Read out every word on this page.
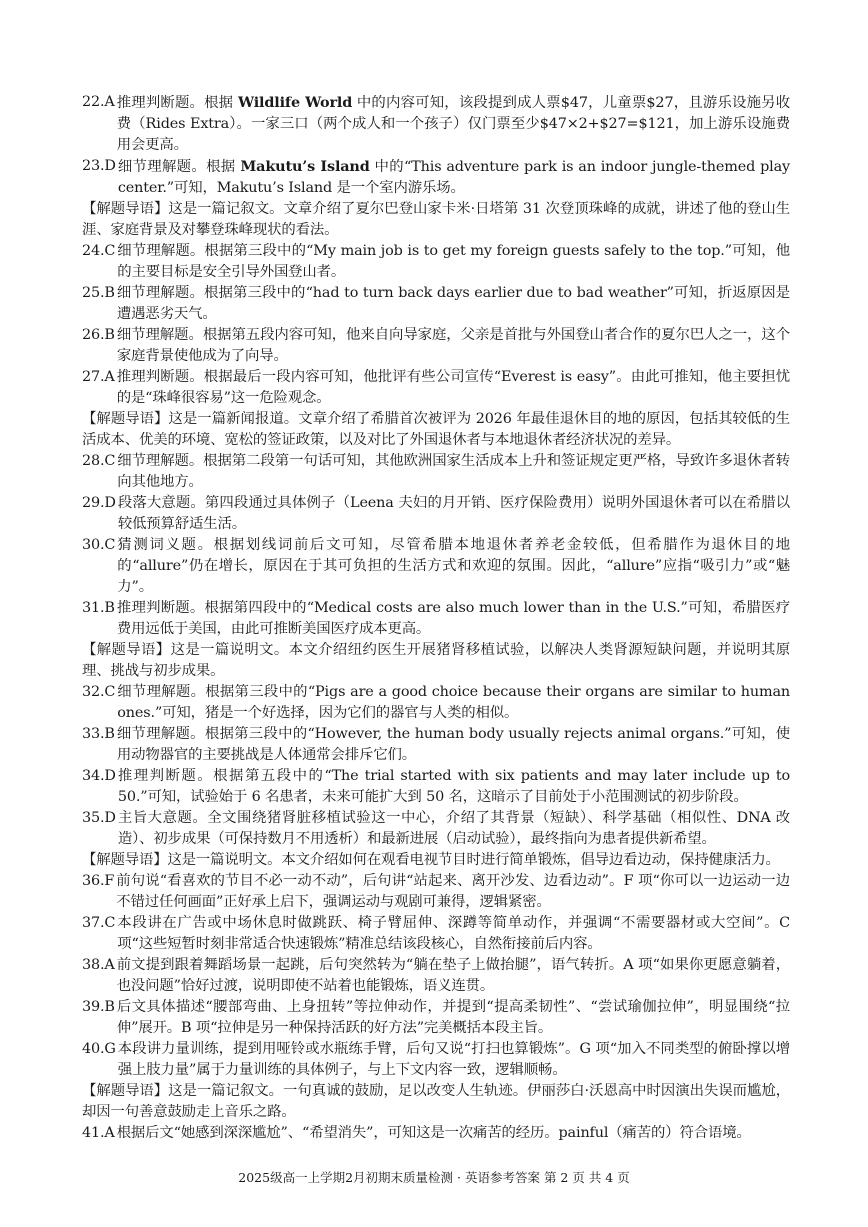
22.A 推理判断题。根据 Wildlife World 中的内容可知，该段提到成人票$47，儿童票$27，且游乐设施另收费（Rides Extra）。一家三口（两个成人和一个孩子）仅门票至少$47×2+$27=$121，加上游乐设施费用会更高。
23.D 细节理解题。根据 Makutu’s Island 中的“This adventure park is an indoor jungle-themed play center.”可知，Makutu’s Island 是一个室内游乐场。
【解题导语】这是一篇记叙文。文章介绍了夏尔巴登山家卡米·日塔第 31 次登顶珠峰的成就，讲述了他的登山生涯、家庭背景及对攀登珠峰现状的看法。
24.C 细节理解题。根据第三段中的“My main job is to get my foreign guests safely to the top.”可知，他的主要目标是安全引导外国登山者。
25.B 细节理解题。根据第三段中的“had to turn back days earlier due to bad weather”可知，折返原因是遭遇恶劣天气。
26.B 细节理解题。根据第五段内容可知，他来自向导家庭，父亲是首批与外国登山者合作的夏尔巴人之一，这个家庭背景使他成为了向导。
27.A 推理判断题。根据最后一段内容可知，他批评有些公司宣传“Everest is easy”。由此可推知，他主要担忧的是“珠峰很容易”这一危险观念。
【解题导语】这是一篇新闻报道。文章介绍了希腊首次被评为 2026 年最佳退休目的地的原因，包括其较低的生活成本、优美的环境、宽松的签证政策，以及对比了外国退休者与本地退休者经济状况的差异。
28.C 细节理解题。根据第二段第一句话可知，其他欧洲国家生活成本上升和签证规定更严格，导致许多退休者转向其他地方。
29.D 段落大意题。第四段通过具体例子（Leena 夫妇的月开销、医疗保险费用）说明外国退休者可以在希腊以较低预算舒适生活。
30.C 猜测词义题。根据划线词前后文可知，尽管希腊本地退休者养老金较低，但希腊作为退休目的地的“allure”仍在增长，原因在于其可负担的生活方式和欢迎的氛围。因此，“allure”应指“吸引力”或“魅力”。
31.B 推理判断题。根据第四段中的“Medical costs are also much lower than in the U.S.”可知，希腊医疗费用远低于美国，由此可推断美国医疗成本更高。
【解题导语】这是一篇说明文。本文介绍纽约医生开展猪肾移植试验，以解决人类肾源短缺问题，并说明其原理、挑战与初步成果。
32.C 细节理解题。根据第三段中的“Pigs are a good choice because their organs are similar to human ones.”可知，猪是一个好选择，因为它们的器官与人类的相似。
33.B 细节理解题。根据第三段中的“However, the human body usually rejects animal organs.”可知，使用动物器官的主要挑战是人体通常会排斥它们。
34.D 推理判断题。根据第五段中的“The trial started with six patients and may later include up to 50.”可知，试验始于 6 名患者，未来可能扩大到 50 名，这暗示了目前处于小范围测试的初步阶段。
35.D 主旨大意题。全文围绕猪肾脏移植试验这一中心，介绍了其背景（短缺）、科学基础（相似性、DNA 改造）、初步成果（可保持数月不用透析）和最新进展（启动试验），最终指向为患者提供新希望。
【解题导语】这是一篇说明文。本文介绍如何在观看电视节目时进行简单锻炼，倡导边看边动，保持健康活力。
36.F 前句说“看喜欢的节目不必一动不动”，后句讲“站起来、离开沙发、边看边动”。F 项“你可以一边运动一边不错过任何画面”正好承上启下，强调运动与观剧可兼得，逻辑紧密。
37.C 本段讲在广告或中场休息时做跳跃、椅子臂屈伸、深蹲等简单动作，并强调“不需要器材或大空间”。C 项“这些短暂时刻非常适合快速锻炼”精准总结该段核心，自然衔接前后内容。
38.A 前文提到跟着舞蹈场景一起跳，后句突然转为“躺在垫子上做抬腿”，语气转折。A 项“如果你更愿意躺着，也没问题”恰好过渡，说明即使不站着也能锻炼，语义连贯。
39.B 后文具体描述“腰部弯曲、上身扭转”等拉伸动作，并提到“提高柔韧性”、“尝试瑜伽拉伸”，明显围绕“拉伸”展开。B 项“拉伸是另一种保持活跃的好方法”完美概括本段主旨。
40.G 本段讲力量训练，提到用哑铃或水瓶练手臂，后句又说“打扫也算锻炼”。G 项“加入不同类型的俯卧撑以增强上肢力量”属于力量训练的具体例子，与上下文内容一致，逻辑顺畅。
【解题导语】这是一篇记叙文。一句真诚的鼓励，足以改变人生轨迹。伊丽莎白·沃恩高中时因演出失误而尴尬，却因一句善意鼓励走上音乐之路。
41.A 根据后文“她感到深深尴尬”、“希望消失”，可知这是一次痛苦的经历。painful（痛苦的）符合语境。
2025级高一上学期2月初期末质量检测 · 英语参考答案 第 2 页 共 4 页
